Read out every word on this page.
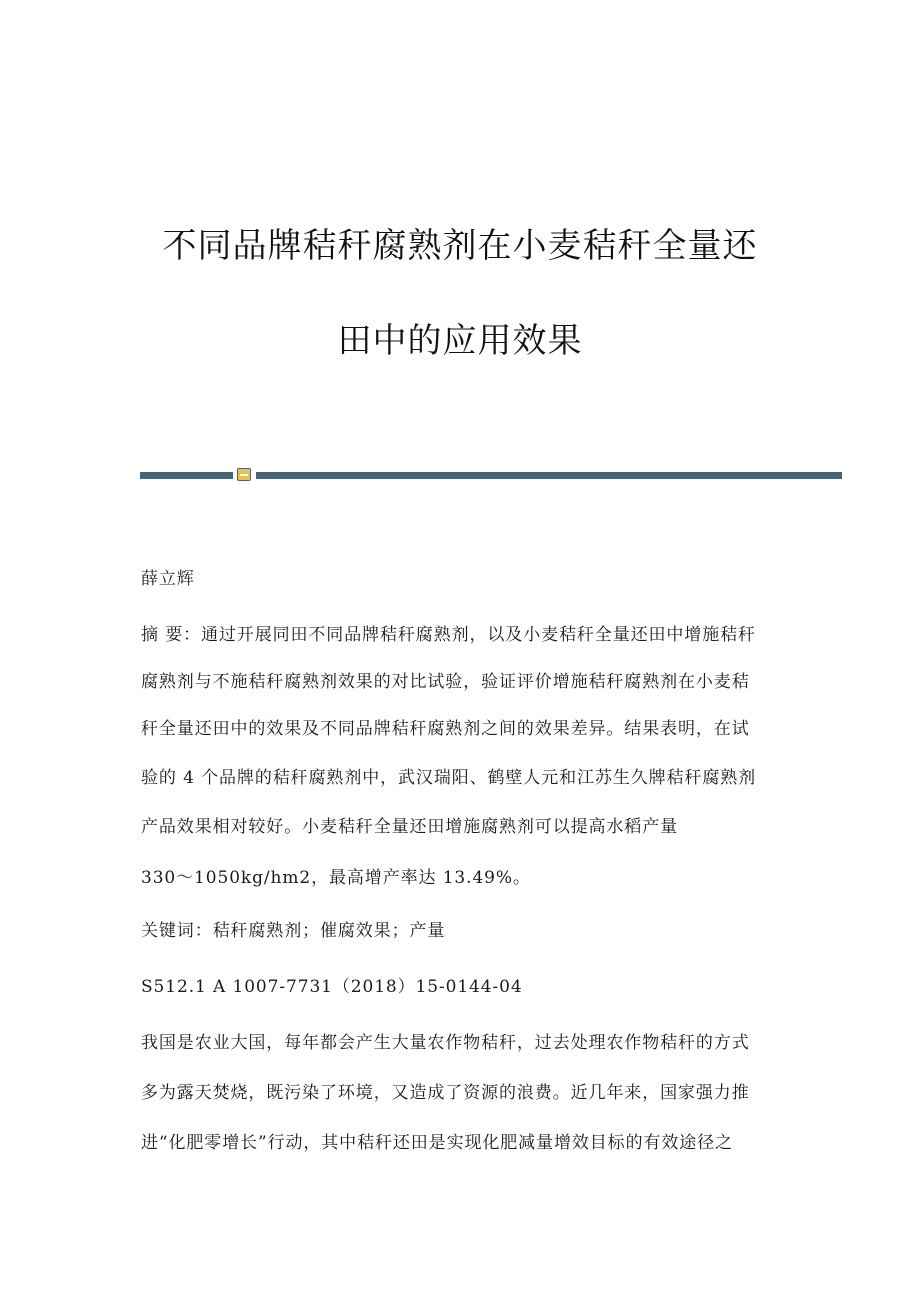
不同品牌秸秆腐熟剂在小麦秸秆全量还
田中的应用效果
薛立辉
摘 要：通过开展同田不同品牌秸秆腐熟剂，以及小麦秸秆全量还田中增施秸秆
腐熟剂与不施秸秆腐熟剂效果的对比试验，验证评价增施秸秆腐熟剂在小麦秸
秆全量还田中的效果及不同品牌秸秆腐熟剂之间的效果差异。结果表明，在试
验的 4 个品牌的秸秆腐熟剂中，武汉瑞阳、鹤壁人元和江苏生久牌秸秆腐熟剂
产品效果相对较好。小麦秸秆全量还田增施腐熟剂可以提高水稻产量
330～1050kg/hm2，最高增产率达 13.49%。
关键词：秸秆腐熟剂；催腐效果；产量
S512.1 A 1007-7731（2018）15-0144-04
我国是农业大国，每年都会产生大量农作物秸秆，过去处理农作物秸秆的方式
多为露天焚烧，既污染了环境，又造成了资源的浪费。近几年来，国家强力推
进“化肥零增长”行动，其中秸秆还田是实现化肥减量增效目标的有效途径之
